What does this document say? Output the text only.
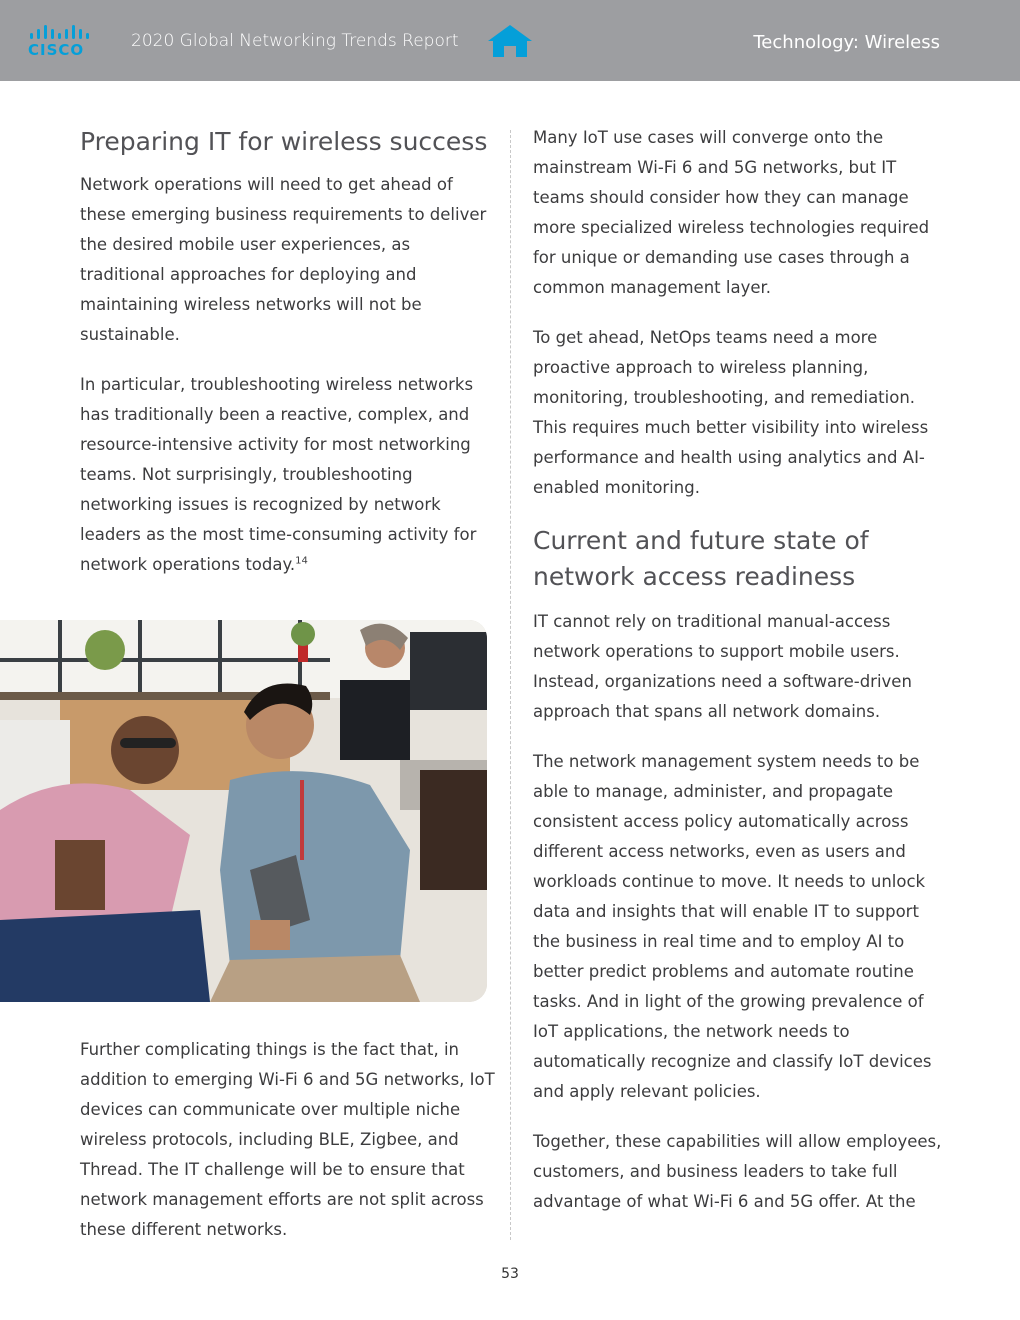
CISCO	2020 Global Networking Trends Report	Technology: Wireless
Preparing IT for wireless success

Network operations will need to get ahead of these emerging business requirements to deliver the desired mobile user experiences, as traditional approaches for deploying and maintaining wireless networks will not be sustainable.

In particular, troubleshooting wireless networks has traditionally been a reactive, complex, and resource-intensive activity for most networking teams. Not surprisingly, troubleshooting networking issues is recognized by network leaders as the most time-consuming activity for network operations today.$^{14}$

Further complicating things is the fact that, in addition to emerging Wi-Fi 6 and 5G networks, IoT devices can communicate over multiple niche wireless protocols, including BLE, Zigbee, and Thread. The IT challenge will be to ensure that network management efforts are not split across these different networks.

Many IoT use cases will converge onto the mainstream Wi-Fi 6 and 5G networks, but IT teams should consider how they can manage more specialized wireless technologies required for unique or demanding use cases through a common management layer.

To get ahead, NetOps teams need a more proactive approach to wireless planning, monitoring, troubleshooting, and remediation. This requires much better visibility into wireless performance and health using analytics and AI-enabled monitoring.

Current and future state of network access readiness

IT cannot rely on traditional manual-access network operations to support mobile users. Instead, organizations need a software-driven approach that spans all network domains.

The network management system needs to be able to manage, administer, and propagate consistent access policy automatically across different access networks, even as users and workloads continue to move. It needs to unlock data and insights that will enable IT to support the business in real time and to employ AI to better predict problems and automate routine tasks. And in light of the growing prevalence of IoT applications, the network needs to automatically recognize and classify IoT devices and apply relevant policies.

Together, these capabilities will allow employees, customers, and business leaders to take full advantage of what Wi-Fi 6 and 5G offer. At the

53
